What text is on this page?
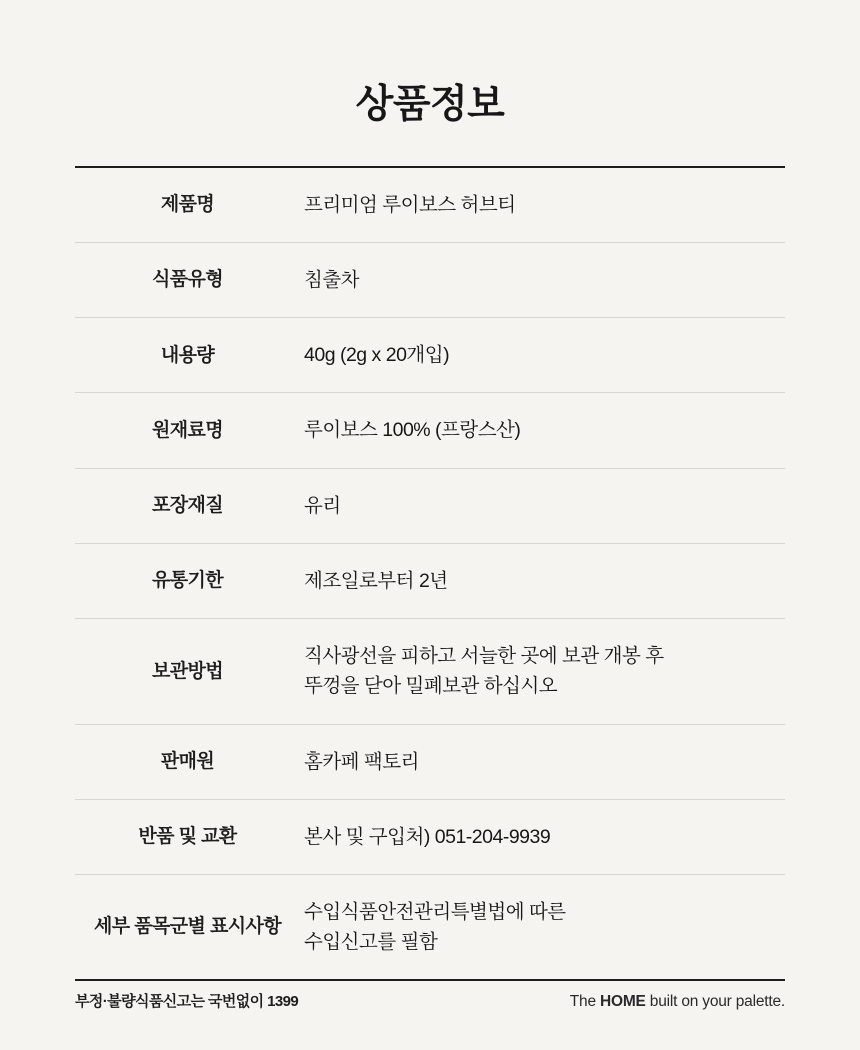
상품정보
제품명	프리미엄 루이보스 허브티

식품유형	침출차

내용량	40g (2g x 20개입)

원재료명	루이보스 100% (프랑스산)

포장재질	유리

유통기한	제조일로부터 2년

보관방법	직사광선을 피하고 서늘한 곳에 보관 개봉 후
뚜껑을 닫아 밀폐보관 하십시오

판매원	홈카페 팩토리

반품 및 교환	본사 및 구입처) 051-204-9939

세부 품목군별 표시사항	수입식품안전관리특별법에 따른
수입신고를 필함
부정·불량식품신고는 국번없이 1399	The HOME built on your palette.
